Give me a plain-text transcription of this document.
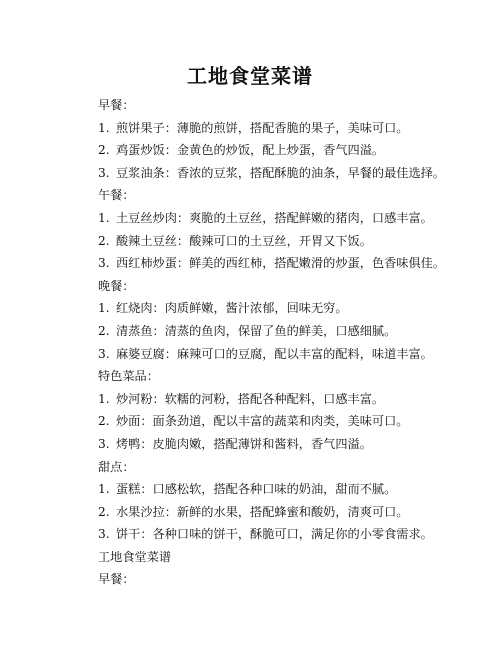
工地食堂菜谱
早餐：
1. 煎饼果子：薄脆的煎饼，搭配香脆的果子，美味可口。
2. 鸡蛋炒饭：金黄色的炒饭，配上炒蛋，香气四溢。
3. 豆浆油条：香浓的豆浆，搭配酥脆的油条，早餐的最佳选择。
午餐：
1. 土豆丝炒肉：爽脆的土豆丝，搭配鲜嫩的猪肉，口感丰富。
2. 酸辣土豆丝：酸辣可口的土豆丝，开胃又下饭。
3. 西红柿炒蛋：鲜美的西红柿，搭配嫩滑的炒蛋，色香味俱佳。
晚餐：
1. 红烧肉：肉质鲜嫩，酱汁浓郁，回味无穷。
2. 清蒸鱼：清蒸的鱼肉，保留了鱼的鲜美，口感细腻。
3. 麻婆豆腐：麻辣可口的豆腐，配以丰富的配料，味道丰富。
特色菜品：
1. 炒河粉：软糯的河粉，搭配各种配料，口感丰富。
2. 炒面：面条劲道，配以丰富的蔬菜和肉类，美味可口。
3. 烤鸭：皮脆肉嫩，搭配薄饼和酱料，香气四溢。
甜点：
1. 蛋糕：口感松软，搭配各种口味的奶油，甜而不腻。
2. 水果沙拉：新鲜的水果，搭配蜂蜜和酸奶，清爽可口。
3. 饼干：各种口味的饼干，酥脆可口，满足你的小零食需求。
工地食堂菜谱
早餐：
